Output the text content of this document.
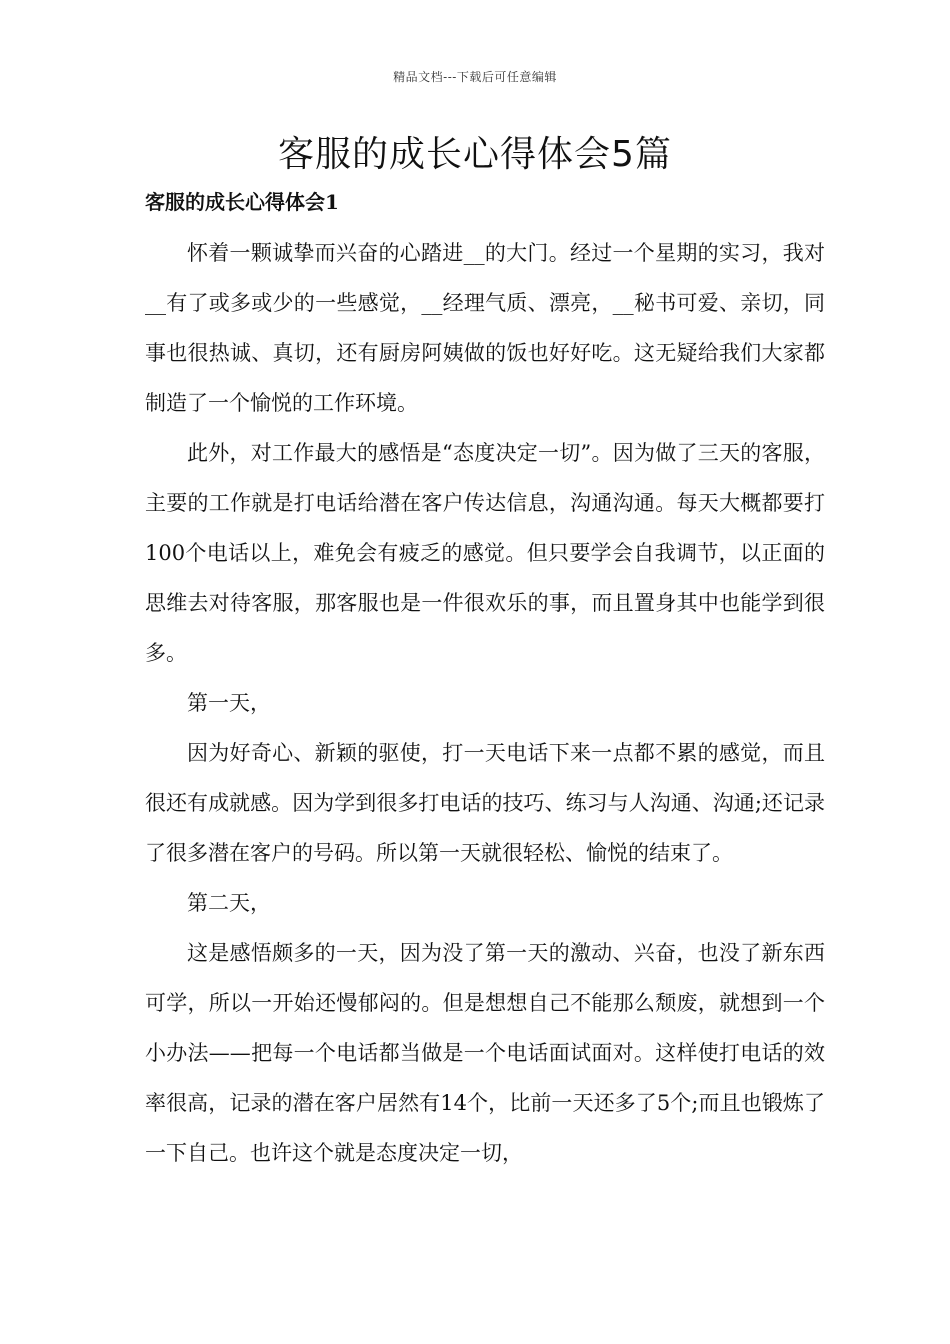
精品文档---下载后可任意编辑
客服的成长心得体会5篇
客服的成长心得体会1

怀着一颗诚挚而兴奋的心踏进__的大门。经过一个星期的实习，我对__有了或多或少的一些感觉，__经理气质、漂亮，__秘书可爱、亲切，同事也很热诚、真切，还有厨房阿姨做的饭也好好吃。这无疑给我们大家都制造了一个愉悦的工作环境。

此外，对工作最大的感悟是“态度决定一切”。因为做了三天的客服，主要的工作就是打电话给潜在客户传达信息，沟通沟通。每天大概都要打100个电话以上，难免会有疲乏的感觉。但只要学会自我调节，以正面的思维去对待客服，那客服也是一件很欢乐的事，而且置身其中也能学到很多。

第一天，

因为好奇心、新颖的驱使，打一天电话下来一点都不累的感觉，而且很还有成就感。因为学到很多打电话的技巧、练习与人沟通、沟通;还记录了很多潜在客户的号码。所以第一天就很轻松、愉悦的结束了。

第二天，

这是感悟颇多的一天，因为没了第一天的激动、兴奋，也没了新东西可学，所以一开始还慢郁闷的。但是想想自己不能那么颓废，就想到一个小办法——把每一个电话都当做是一个电话面试面对。这样使打电话的效率很高，记录的潜在客户居然有14个，比前一天还多了5个;而且也锻炼了一下自己。也许这个就是态度决定一切，
